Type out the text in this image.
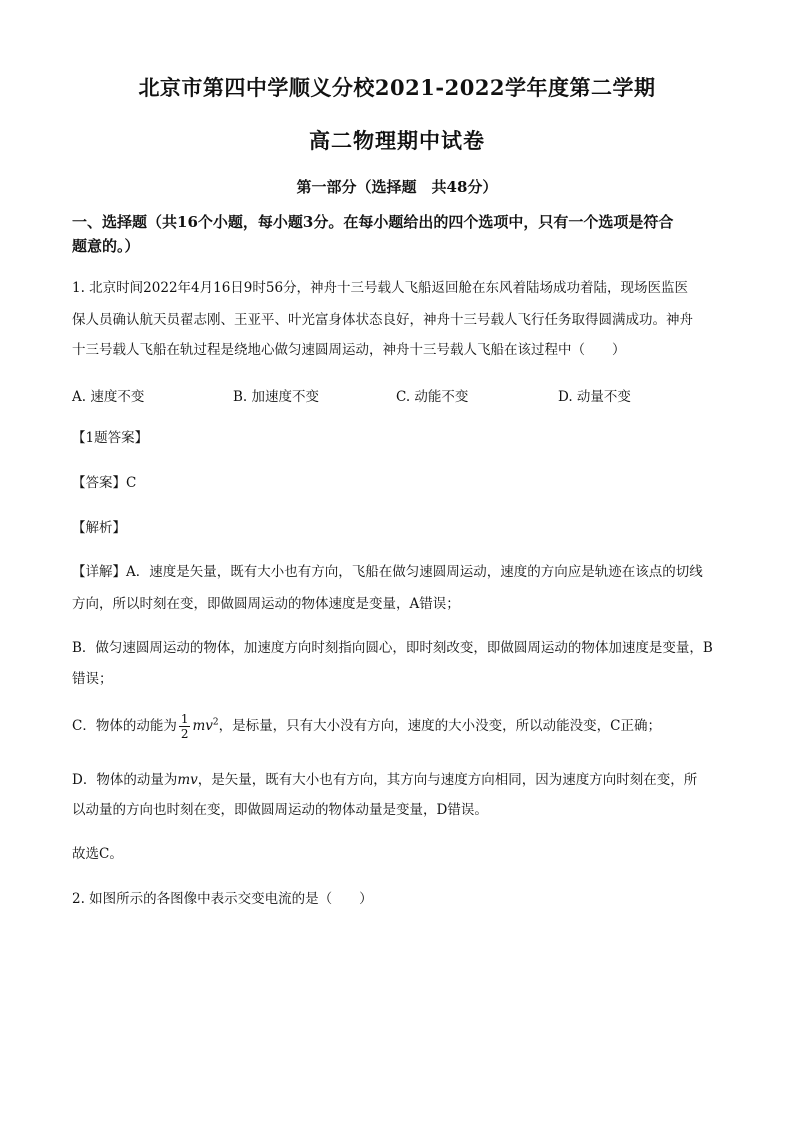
北京市第四中学顺义分校2021-2022学年度第二学期
高二物理期中试卷
第一部分（选择题　共48分）
一、选择题（共16个小题，每小题3分。在每小题给出的四个选项中，只有一个选项是符合
题意的。）
1. 北京时间2022年4月16日9时56分，神舟十三号载人飞船返回舱在东风着陆场成功着陆，现场医监医
保人员确认航天员翟志刚、王亚平、叶光富身体状态良好，神舟十三号载人飞行任务取得圆满成功。神舟
十三号载人飞船在轨过程是绕地心做匀速圆周运动，神舟十三号载人飞船在该过程中（　　）
A. 速度不变	B. 加速度不变	C. 动能不变	D. 动量不变
【1题答案】
【答案】C
【解析】
【详解】A．速度是矢量，既有大小也有方向，飞船在做匀速圆周运动，速度的方向应是轨迹在该点的切线
方向，所以时刻在变，即做圆周运动的物体速度是变量，A错误；
B．做匀速圆周运动的物体，加速度方向时刻指向圆心，即时刻改变，即做圆周运动的物体加速度是变量，B
错误；
C．物体的动能为 $\frac{1}{2} mv^2$，是标量，只有大小没有方向，速度的大小没变，所以动能没变，C正确；
D．物体的动量为mv，是矢量，既有大小也有方向，其方向与速度方向相同，因为速度方向时刻在变，所
以动量的方向也时刻在变，即做圆周运动的物体动量是变量，D错误。
故选C。
2. 如图所示的各图像中表示交变电流的是（　　）
